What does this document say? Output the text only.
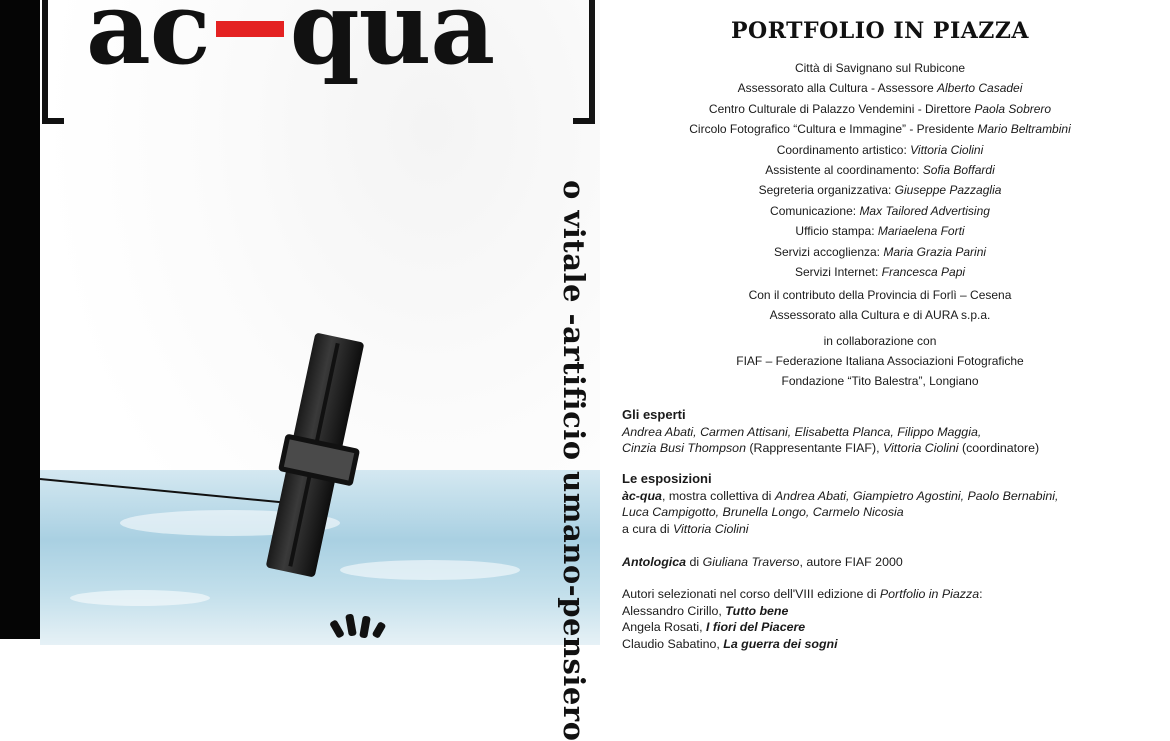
ac qua
o vitale -artificio umano-pensiero
PORTFOLIO IN PIAZZA
Città di Savignano sul Rubicone
Assessorato alla Cultura - Assessore Alberto Casadei
Centro Culturale di Palazzo Vendemini - Direttore Paola Sobrero
Circolo Fotografico “Cultura e Immagine” - Presidente Mario Beltrambini
Coordinamento artistico: Vittoria Ciolini
Assistente al coordinamento: Sofia Boffardi
Segreteria organizzativa: Giuseppe Pazzaglia
Comunicazione: Max Tailored Advertising
Ufficio stampa: Mariaelena Forti
Servizi accoglienza: Maria Grazia Parini
Servizi Internet: Francesca Papi
Con il contributo della Provincia di Forlì – Cesena
Assessorato alla Cultura e di AURA s.p.a.
in collaborazione con
FIAF – Federazione Italiana Associazioni Fotografiche
Fondazione “Tito Balestra”, Longiano
Gli esperti
Andrea Abati, Carmen Attisani, Elisabetta Planca, Filippo Maggia,
Cinzia Busi Thompson (Rappresentante FIAF), Vittoria Ciolini (coordinatore)
Le esposizioni
àc-qua, mostra collettiva di Andrea Abati, Giampietro Agostini, Paolo Bernabini,
Luca Campigotto, Brunella Longo, Carmelo Nicosia
a cura di Vittoria Ciolini
Antologica di Giuliana Traverso, autore FIAF 2000
Autori selezionati nel corso dell'VIII edizione di Portfolio in Piazza:
Alessandro Cirillo, Tutto bene
Angela Rosati, I fiori del Piacere
Claudio Sabatino, La guerra dei sogni
